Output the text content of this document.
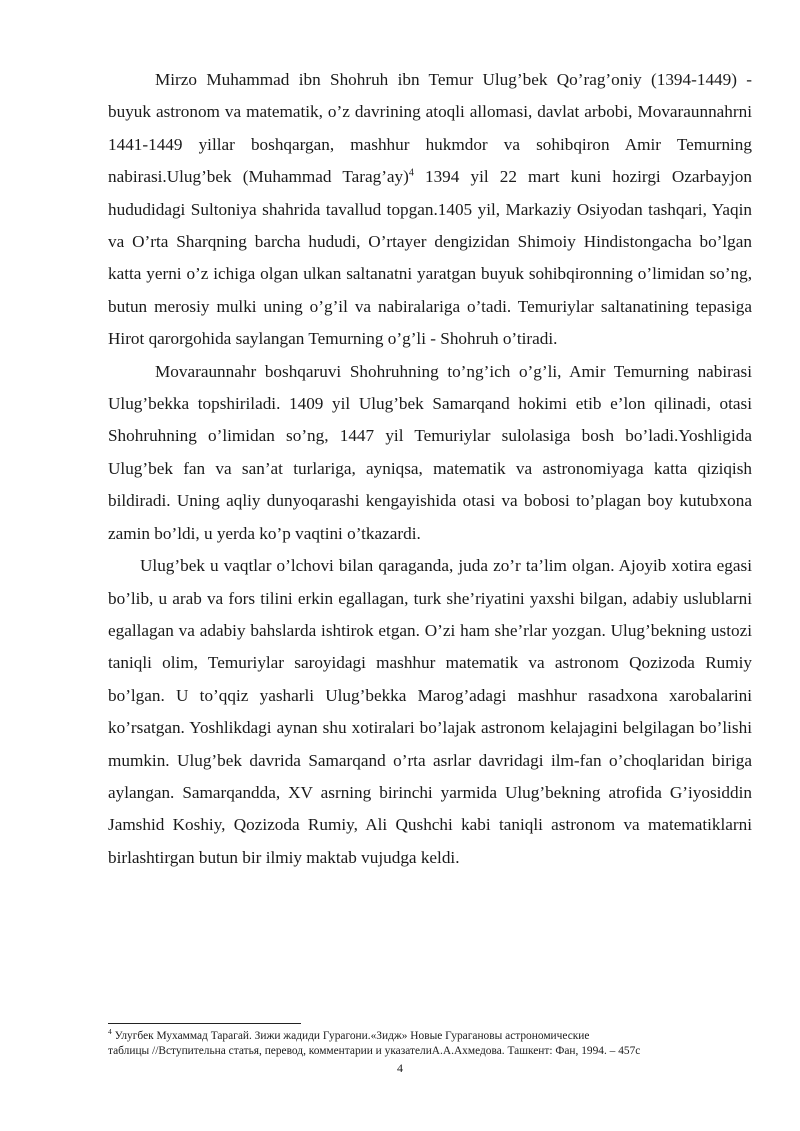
Mirzo Muhammad ibn Shohruh ibn Temur Ulug’bek Qo’rag’oniy (1394-1449) - buyuk astronom va matematik, o’z davrining atoqli allomasi, davlat arbobi, Movaraunnahrni 1441-1449 yillar boshqargan, mashhur hukmdor va sohibqiron Amir Temurning nabirasi.Ulug’bek (Muhammad Tarag’ay)$^4$ 1394 yil 22 mart kuni hozirgi Ozarbayjon hududidagi Sultoniya shahrida tavallud topgan.1405 yil, Markaziy Osiyodan tashqari, Yaqin va O’rta Sharqning barcha hududi, O’rtayer dengizidan Shimoiy Hindistongacha bo’lgan katta yerni o’z ichiga olgan ulkan saltanatni yaratgan buyuk sohibqironning o’limidan so’ng, butun merosiy mulki uning o’g’il va nabiralariga o’tadi. Temuriylar saltanatining tepasiga Hirot qarorgohida saylangan Temurning o’g’li - Shohruh o’tiradi.

Movaraunnahr boshqaruvi Shohruhning to’ng’ich o’g’li, Amir Temurning nabirasi Ulug’bekka topshiriladi. 1409 yil Ulug’bek Samarqand hokimi etib e’lon qilinadi, otasi Shohruhning o’limidan so’ng, 1447 yil Temuriylar sulolasiga bosh bo’ladi.Yoshligida Ulug’bek fan va san’at turlariga, ayniqsa, matematik va astronomiyaga katta qiziqish bildiradi. Uning aqliy dunyoqarashi kengayishida otasi va bobosi to’plagan boy kutubxona zamin bo’ldi, u yerda ko’p vaqtini o’tkazardi.

Ulug’bek u vaqtlar o’lchovi bilan qaraganda, juda zo’r ta’lim olgan. Ajoyib xotira egasi bo’lib, u arab va fors tilini erkin egallagan, turk she’riyatini yaxshi bilgan, adabiy uslublarni egallagan va adabiy bahslarda ishtirok etgan. O’zi ham she’rlar yozgan. Ulug’bekning ustozi taniqli olim, Temuriylar saroyidagi mashhur matematik va astronom Qozizoda Rumiy bo’lgan. U to’qqiz yasharli Ulug’bekka Marog’adagi mashhur rasadxona xarobalarini ko’rsatgan. Yoshlikdagi aynan shu xotiralari bo’lajak astronom kelajagini belgilagan bo’lishi mumkin. Ulug’bek davrida Samarqand o’rta asrlar davridagi ilm-fan o’choqlaridan biriga aylangan. Samarqandda, XV asrning birinchi yarmida Ulug’bekning atrofida G’iyosiddin Jamshid Koshiy, Qozizoda Rumiy, Ali Qushchi kabi taniqli astronom va matematiklarni birlashtirgan butun bir ilmiy maktab vujudga keldi.

$^4$ Улугбек Мухаммад Тарагай. Зижи жадиди Гурагони.«Зидж» Новые Гурагановы астрономические
таблицы //Вступительна статья, перевод, комментарии и указателиА.А.Ахмедова. Ташкент: Фан, 1994. – 457с
4
